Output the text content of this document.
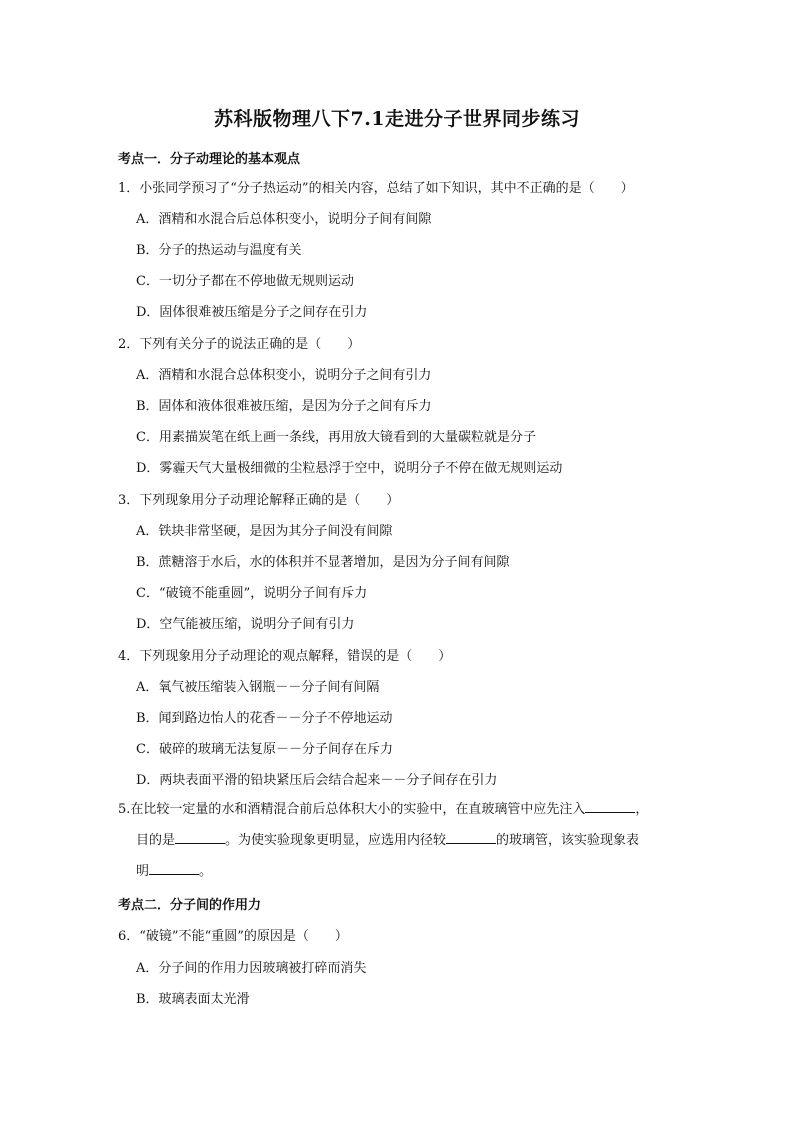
苏科版物理八下7.1走进分子世界同步练习
考点一．分子动理论的基本观点
1．小张同学预习了“分子热运动”的相关内容，总结了如下知识，其中不正确的是（　　）
A．酒精和水混合后总体积变小，说明分子间有间隙
B．分子的热运动与温度有关
C．一切分子都在不停地做无规则运动
D．固体很难被压缩是分子之间存在引力
2．下列有关分子的说法正确的是（　　）
A．酒精和水混合总体积变小，说明分子之间有引力
B．固体和液体很难被压缩，是因为分子之间有斥力
C．用素描炭笔在纸上画一条线，再用放大镜看到的大量碳粒就是分子
D．雾霾天气大量极细微的尘粒悬浮于空中，说明分子不停在做无规则运动
3．下列现象用分子动理论解释正确的是（　　）
A．铁块非常坚硬，是因为其分子间没有间隙
B．蔗糖溶于水后，水的体积并不显著增加，是因为分子间有间隙
C．“破镜不能重圆”，说明分子间有斥力
D．空气能被压缩，说明分子间有引力
4．下列现象用分子动理论的观点解释，错误的是（　　）
A．氧气被压缩装入钢瓶－－分子间有间隔
B．闻到路边怡人的花香－－分子不停地运动
C．破碎的玻璃无法复原－－分子间存在斥力
D．两块表面平滑的铅块紧压后会结合起来－－分子间存在引力
5.在比较一定量的水和酒精混合前后总体积大小的实验中，在直玻璃管中应先注入	，
目的是	。为使实验现象更明显，应选用内径较	的玻璃管，该实验现象表
明	。
考点二．分子间的作用力
6．“破镜”不能“重圆”的原因是（　　）
A．分子间的作用力因玻璃被打碎而消失
B．玻璃表面太光滑
